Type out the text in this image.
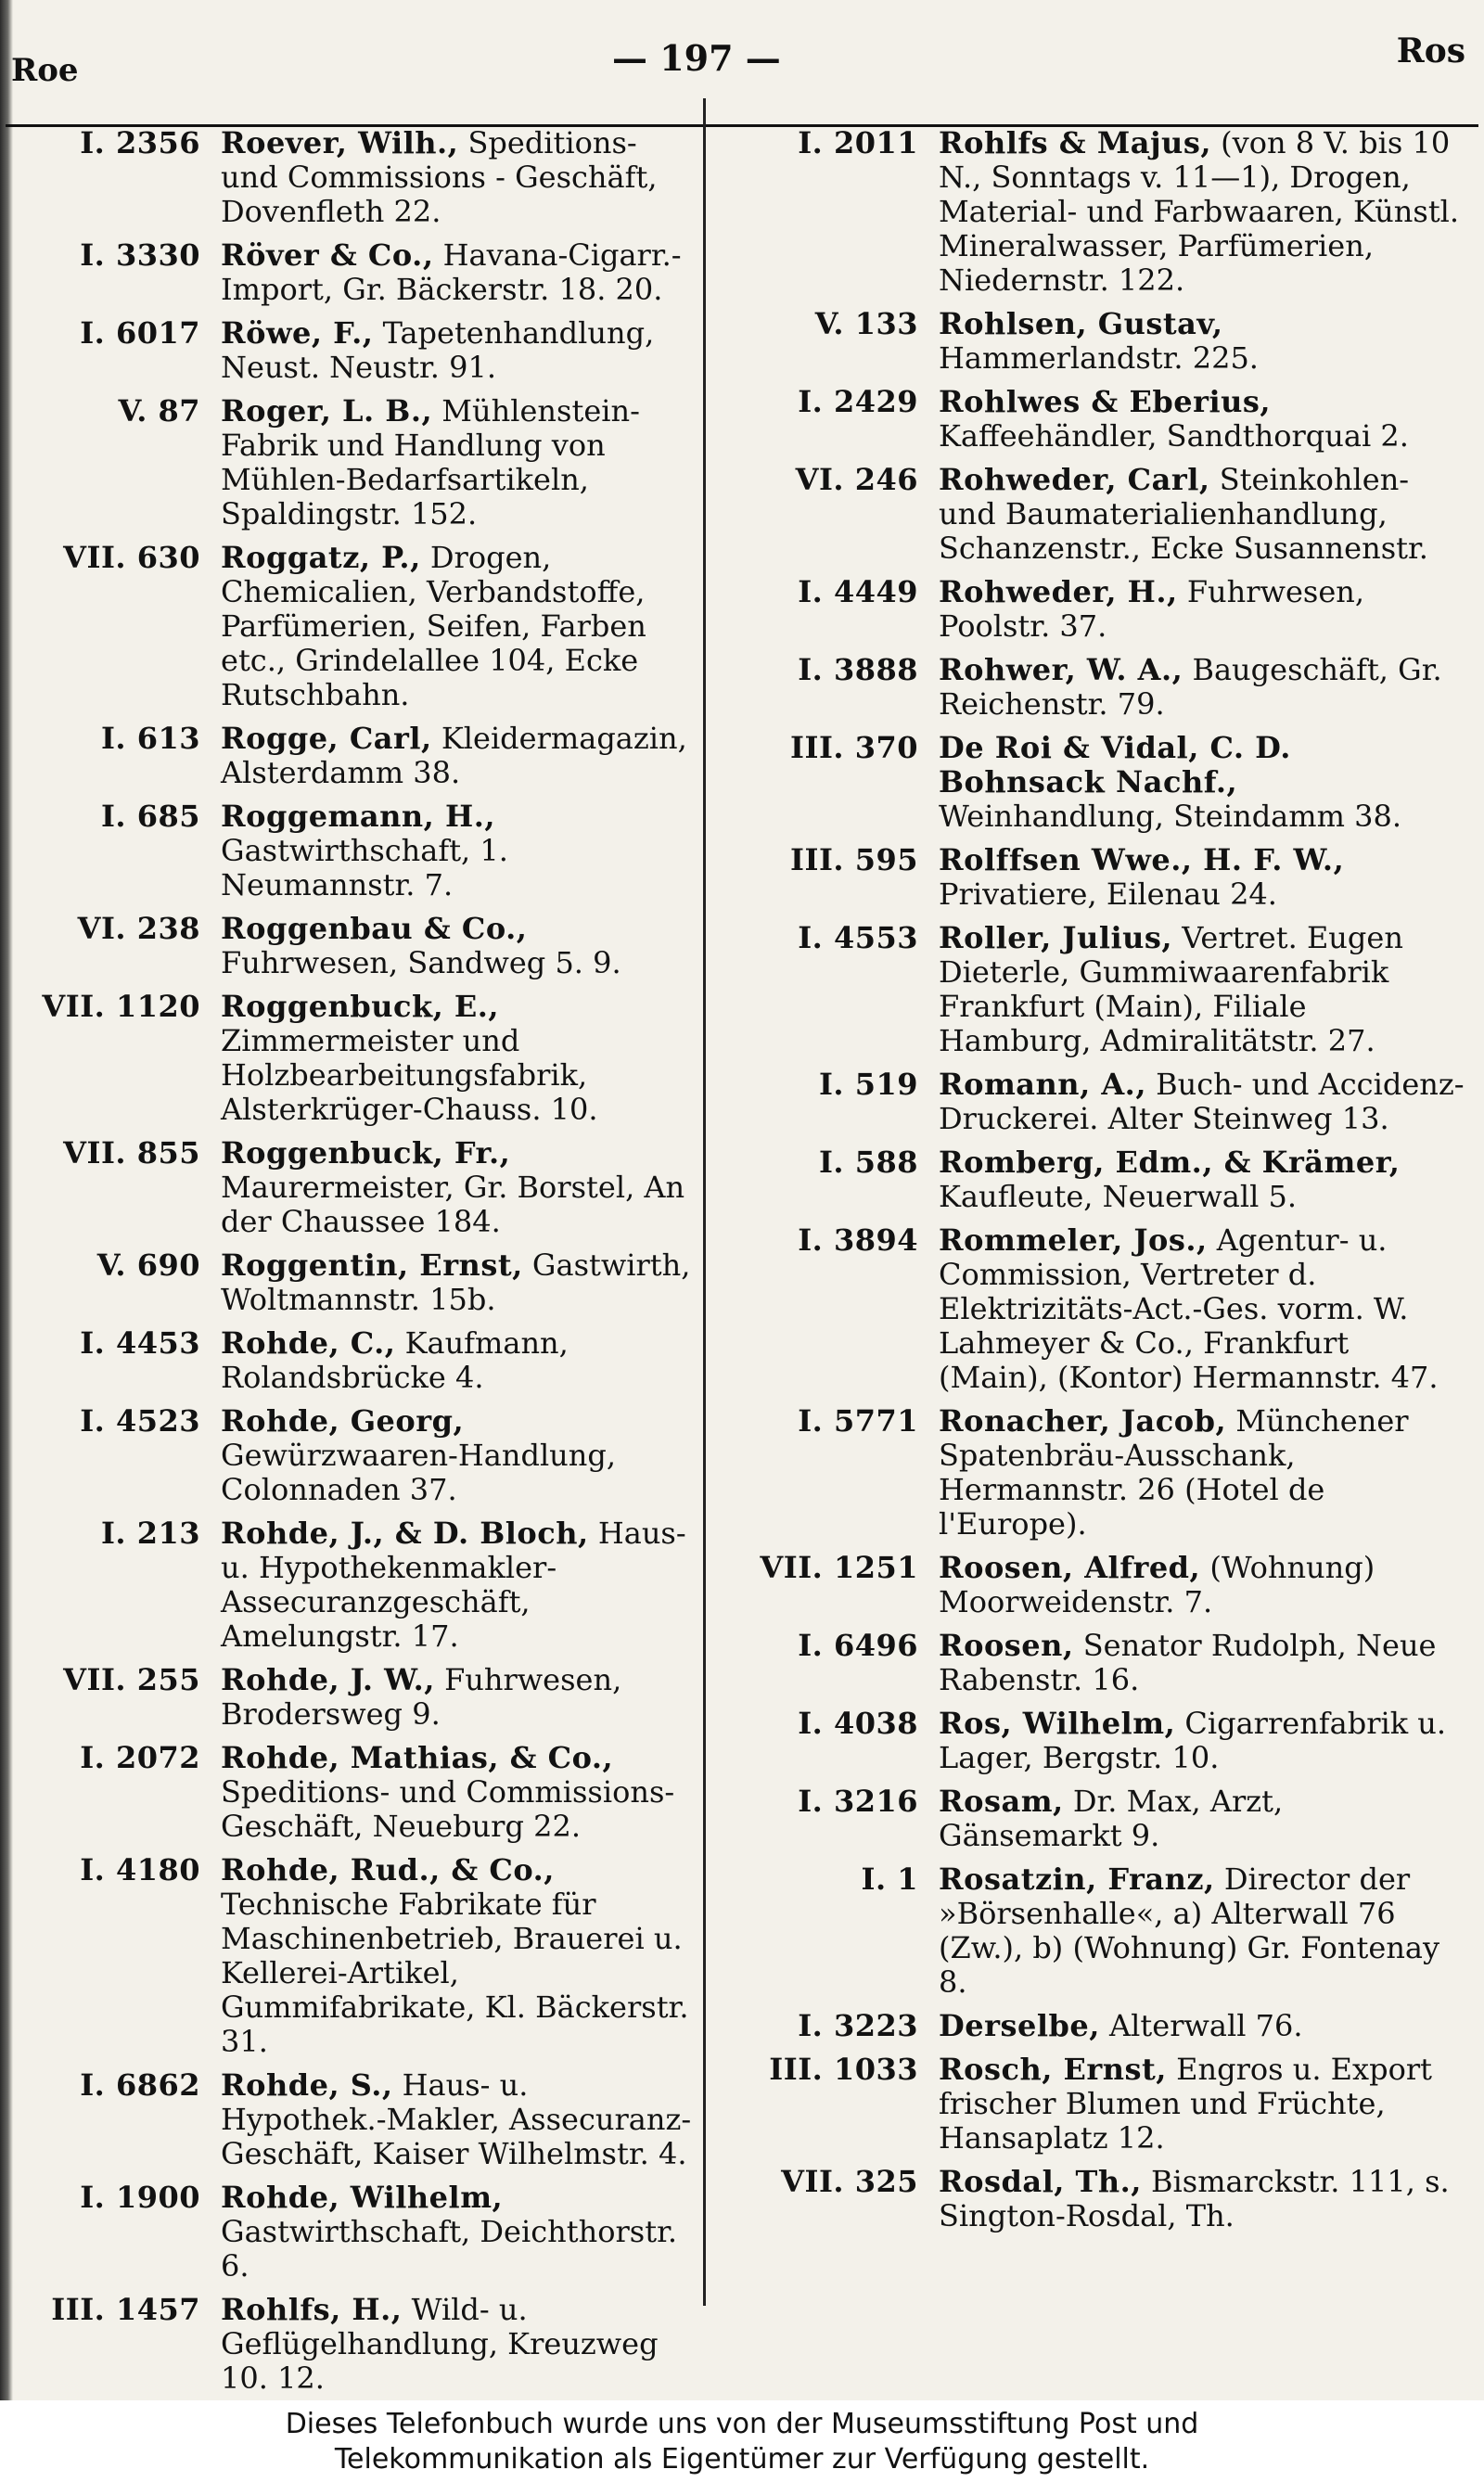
Roe	— 197 —	Ros
I. 2356 Roever, Wilh., Speditions- und Commissions - Geschäft, Dovenfleth 22.
I. 3330 Röver & Co., Havana-Cigarr.-Import, Gr. Bäckerstr. 18. 20.
I. 6017 Röwe, F., Tapetenhandlung, Neust. Neustr. 91.
V. 87 Roger, L. B., Mühlenstein-Fabrik und Handlung von Mühlen-Bedarfsartikeln, Spaldingstr. 152.
VII. 630 Roggatz, P., Drogen, Chemicalien, Verbandstoffe, Parfümerien, Seifen, Farben etc., Grindelallee 104, Ecke Rutschbahn.
I. 613 Rogge, Carl, Kleidermagazin, Alsterdamm 38.
I. 685 Roggemann, H., Gastwirthschaft, 1. Neumannstr. 7.
VI. 238 Roggenbau & Co., Fuhrwesen, Sandweg 5. 9.
VII. 1120 Roggenbuck, E., Zimmermeister und Holzbearbeitungsfabrik, Alsterkrüger-Chauss. 10.
VII. 855 Roggenbuck, Fr., Maurermeister, Gr. Borstel, An der Chaussee 184.
V. 690 Roggentin, Ernst, Gastwirth, Woltmannstr. 15b.
I. 4453 Rohde, C., Kaufmann, Rolandsbrücke 4.
I. 4523 Rohde, Georg, Gewürzwaaren-Handlung, Colonnaden 37.
I. 213 Rohde, J., & D. Bloch, Haus- u. Hypothekenmakler-Assecuranzgeschäft, Amelungstr. 17.
VII. 255 Rohde, J. W., Fuhrwesen, Brodersweg 9.
I. 2072 Rohde, Mathias, & Co., Speditions- und Commissions-Geschäft, Neueburg 22.
I. 4180 Rohde, Rud., & Co., Technische Fabrikate für Maschinenbetrieb, Brauerei u. Kellerei-Artikel, Gummifabrikate, Kl. Bäckerstr. 31.
I. 6862 Rohde, S., Haus- u. Hypothek.-Makler, Assecuranz-Geschäft, Kaiser Wilhelmstr. 4.
I. 1900 Rohde, Wilhelm, Gastwirthschaft, Deichthorstr. 6.
III. 1457 Rohlfs, H., Wild- u. Geflügelhandlung, Kreuzweg 10. 12.
I. 2011 Rohlfs & Majus, (von 8 V. bis 10 N., Sonntags v. 11—1), Drogen, Material- und Farbwaaren, Künstl. Mineralwasser, Parfümerien, Niedernstr. 122.
V. 133 Rohlsen, Gustav, Hammerlandstr. 225.
I. 2429 Rohlwes & Eberius, Kaffeehändler, Sandthorquai 2.
VI. 246 Rohweder, Carl, Steinkohlen- und Baumaterialienhandlung, Schanzenstr., Ecke Susannenstr.
I. 4449 Rohweder, H., Fuhrwesen, Poolstr. 37.
I. 3888 Rohwer, W. A., Baugeschäft, Gr. Reichenstr. 79.
III. 370 De Roi & Vidal, C. D. Bohnsack Nachf., Weinhandlung, Steindamm 38.
III. 595 Rolffsen Wwe., H. F. W., Privatiere, Eilenau 24.
I. 4553 Roller, Julius, Vertret. Eugen Dieterle, Gummiwaarenfabrik Frankfurt (Main), Filiale Hamburg, Admiralitätstr. 27.
I. 519 Romann, A., Buch- und Accidenz-Druckerei. Alter Steinweg 13.
I. 588 Romberg, Edm., & Krämer, Kaufleute, Neuerwall 5.
I. 3894 Rommeler, Jos., Agentur- u. Commission, Vertreter d. Elektrizitäts-Act.-Ges. vorm. W. Lahmeyer & Co., Frankfurt (Main), (Kontor) Hermannstr. 47.
I. 5771 Ronacher, Jacob, Münchener Spatenbräu-Ausschank, Hermannstr. 26 (Hotel de l'Europe).
VII. 1251 Roosen, Alfred, (Wohnung) Moorweidenstr. 7.
I. 6496 Roosen, Senator Rudolph, Neue Rabenstr. 16.
I. 4038 Ros, Wilhelm, Cigarrenfabrik u. Lager, Bergstr. 10.
I. 3216 Rosam, Dr. Max, Arzt, Gänsemarkt 9.
I. 1 Rosatzin, Franz, Director der »Börsenhalle«, a) Alterwall 76 (Zw.), b) (Wohnung) Gr. Fontenay 8.
I. 3223 Derselbe, Alterwall 76.
III. 1033 Rosch, Ernst, Engros u. Export frischer Blumen und Früchte, Hansaplatz 12.
VII. 325 Rosdal, Th., Bismarckstr. 111, s. Sington-Rosdal, Th.
Dieses Telefonbuch wurde uns von der Museumsstiftung Post und
Telekommunikation als Eigentümer zur Verfügung gestellt.
